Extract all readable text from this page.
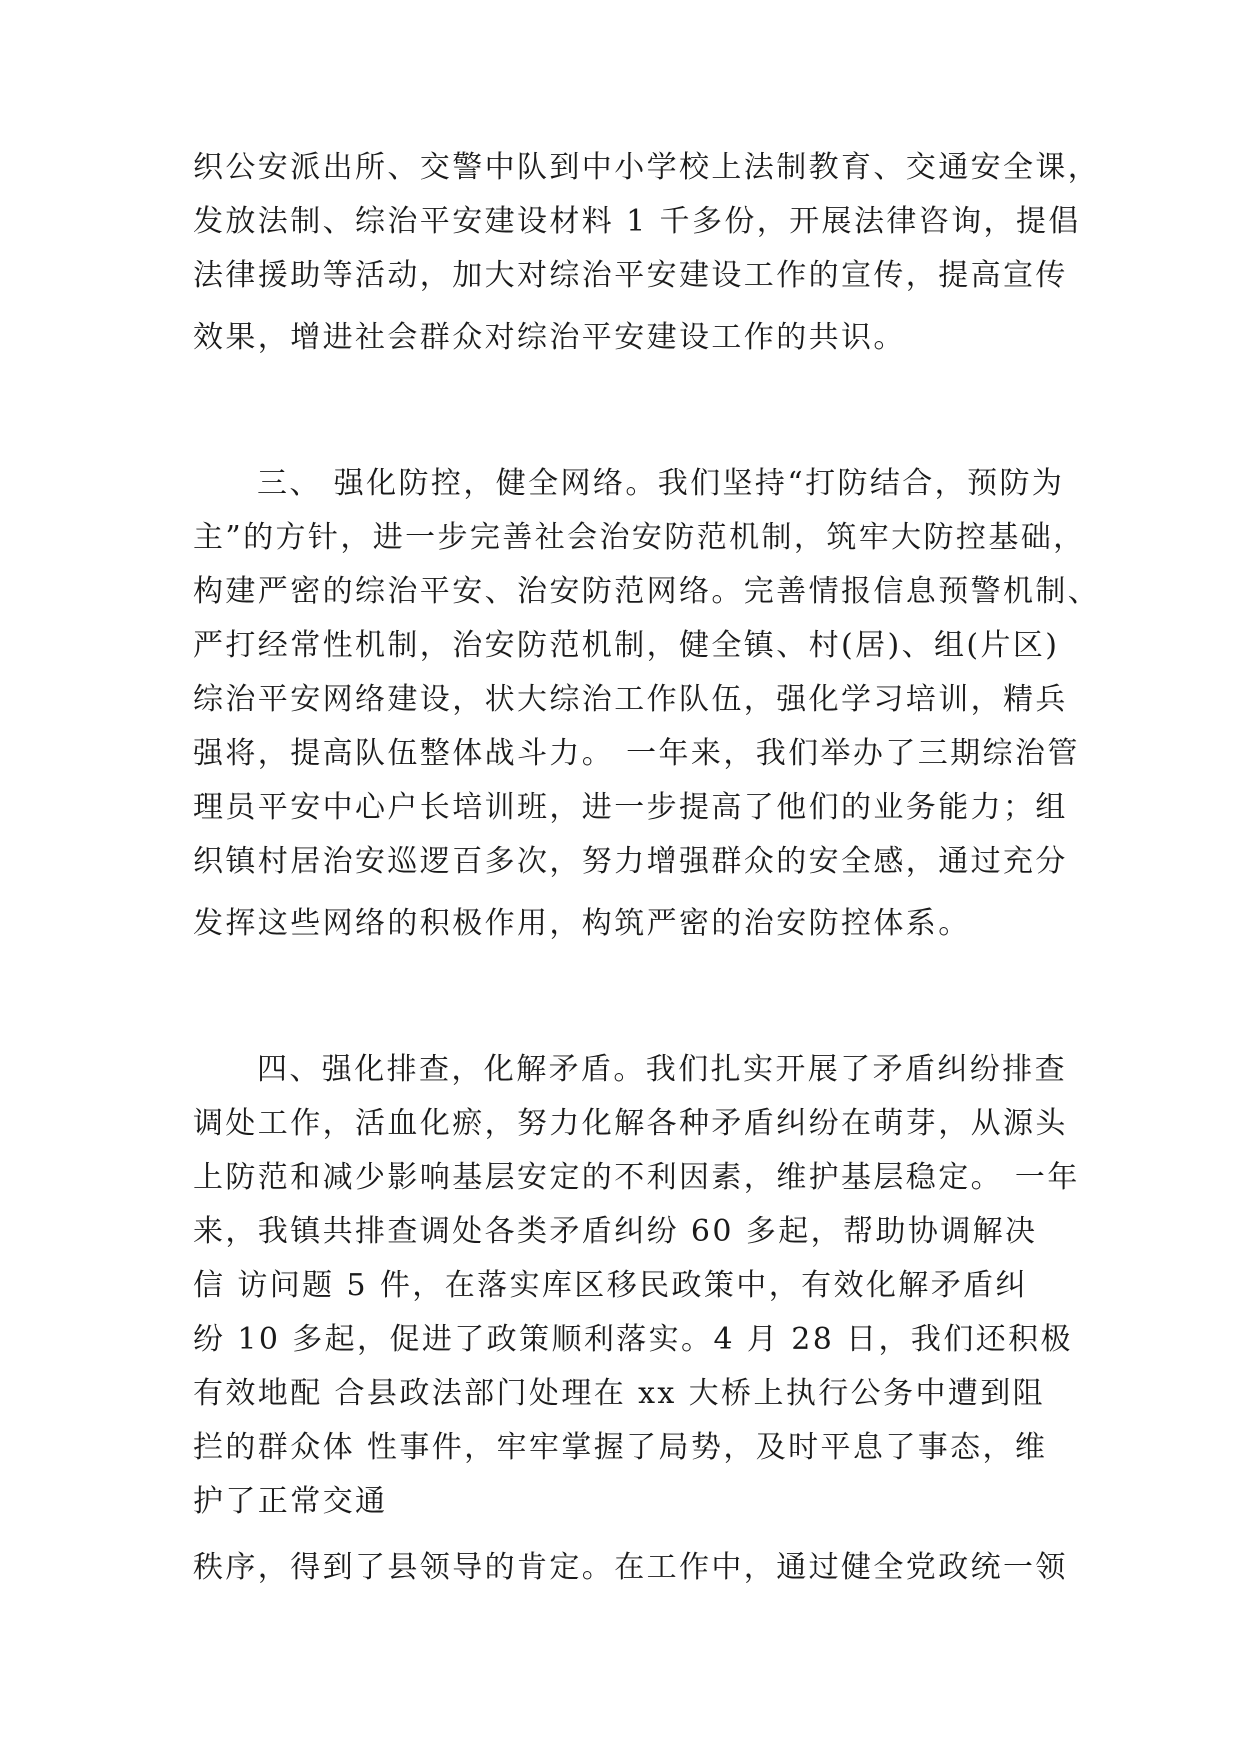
织公安派出所、交警中队到中小学校上法制教育、交通安全课，
发放法制、综治平安建设材料 1 千多份，开展法律咨询，提倡
法律援助等活动，加大对综治平安建设工作的宣传，提高宣传
效果，增进社会群众对综治平安建设工作的共识。
三、 强化防控，健全网络。我们坚持“打防结合，预防为
主”的方针，进一步完善社会治安防范机制，筑牢大防控基础，
构建严密的综治平安、治安防范网络。完善情报信息预警机制、
严打经常性机制，治安防范机制，健全镇、村(居)、组(片区)
综治平安网络建设，状大综治工作队伍，强化学习培训，精兵
强将，提高队伍整体战斗力。 一年来，我们举办了三期综治管
理员平安中心户长培训班，进一步提高了他们的业务能力；组
织镇村居治安巡逻百多次，努力增强群众的安全感，通过充分
发挥这些网络的积极作用，构筑严密的治安防控体系。
四、强化排查，化解矛盾。我们扎实开展了矛盾纠纷排查
调处工作，活血化瘀，努力化解各种矛盾纠纷在萌芽，从源头
上防范和减少影响基层安定的不利因素，维护基层稳定。 一年
来，我镇共排查调处各类矛盾纠纷 60 多起，帮助协调解决
信 访问题 5 件，在落实库区移民政策中，有效化解矛盾纠
纷 10 多起，促进了政策顺利落实。4 月 28 日，我们还积极
有效地配 合县政法部门处理在 xx 大桥上执行公务中遭到阻
拦的群众体 性事件，牢牢掌握了局势，及时平息了事态，维
护了正常交通
秩序，得到了县领导的肯定。在工作中，通过健全党政统一领
